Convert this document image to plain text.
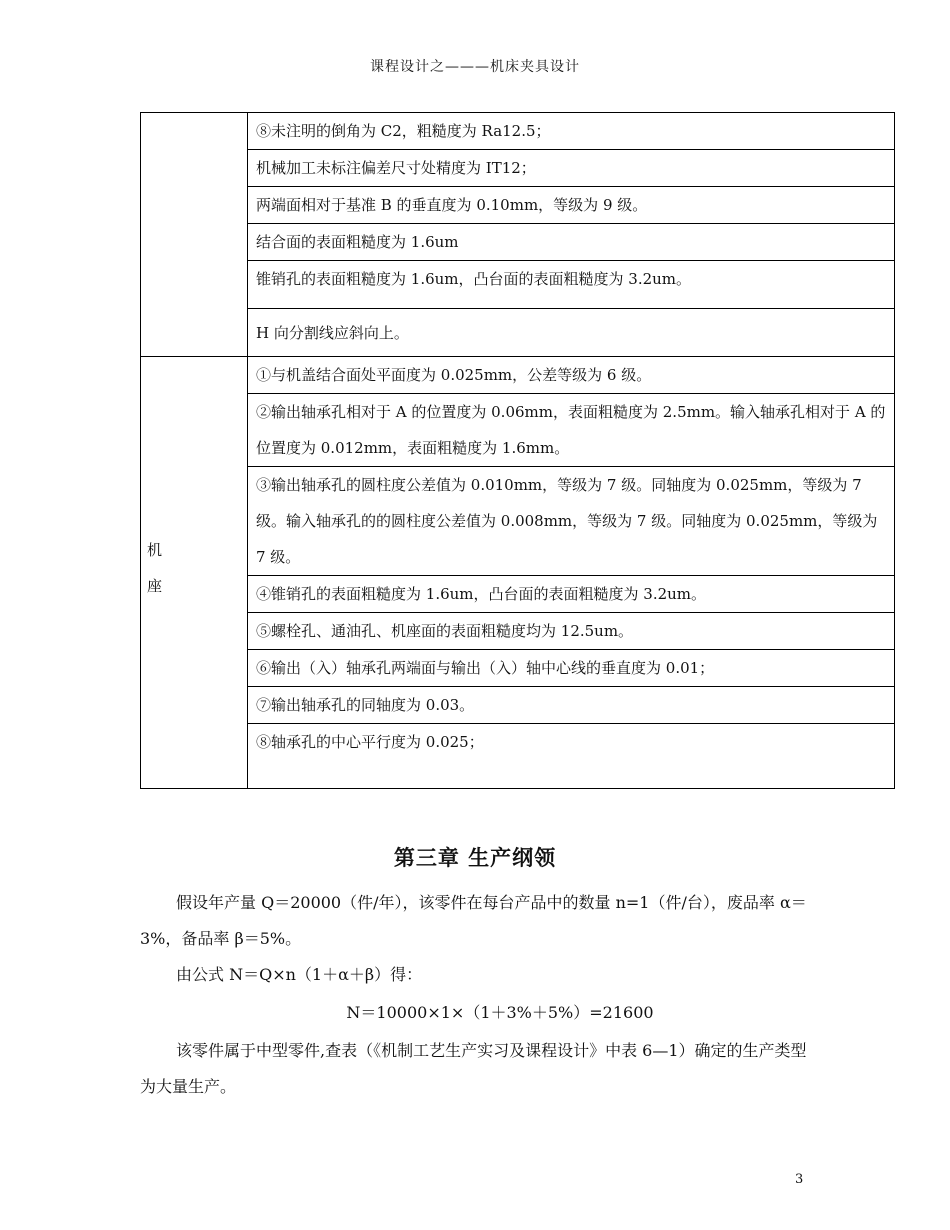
课程设计之———机床夹具设计
	⑧未注明的倒角为 C2，粗糙度为 Ra12.5；
	机械加工未标注偏差尺寸处精度为 IT12；
	两端面相对于基准 B 的垂直度为 0.10mm，等级为 9 级。
	结合面的表面粗糙度为 1.6um
	锥销孔的表面粗糙度为 1.6um，凸台面的表面粗糙度为 3.2um。
	H 向分割线应斜向上。

机
座	①与机盖结合面处平面度为 0.025mm，公差等级为 6 级。
	②输出轴承孔相对于 A 的位置度为 0.06mm，表面粗糙度为 2.5mm。输入轴承孔相对于 A 的位置度为 0.012mm，表面粗糙度为 1.6mm。
	③输出轴承孔的圆柱度公差值为 0.010mm，等级为 7 级。同轴度为 0.025mm，等级为 7 级。输入轴承孔的的圆柱度公差值为 0.008mm，等级为 7 级。同轴度为 0.025mm，等级为 7 级。
	④锥销孔的表面粗糙度为 1.6um，凸台面的表面粗糙度为 3.2um。
	⑤螺栓孔、通油孔、机座面的表面粗糙度均为 12.5um。
	⑥输出（入）轴承孔两端面与输出（入）轴中心线的垂直度为 0.01；
	⑦输出轴承孔的同轴度为 0.03。
	⑧轴承孔的中心平行度为 0.025；
第三章 生产纲领
假设年产量 Q＝20000（件/年），该零件在每台产品中的数量 n=1（件/台），废品率 α＝3%，备品率 β＝5%。
由公式 N＝Q×n（1＋α＋β）得：
N＝10000×1×（1＋3%＋5%）=21600
该零件属于中型零件,查表（《机制工艺生产实习及课程设计》中表 6—1）确定的生产类型为大量生产。
3
